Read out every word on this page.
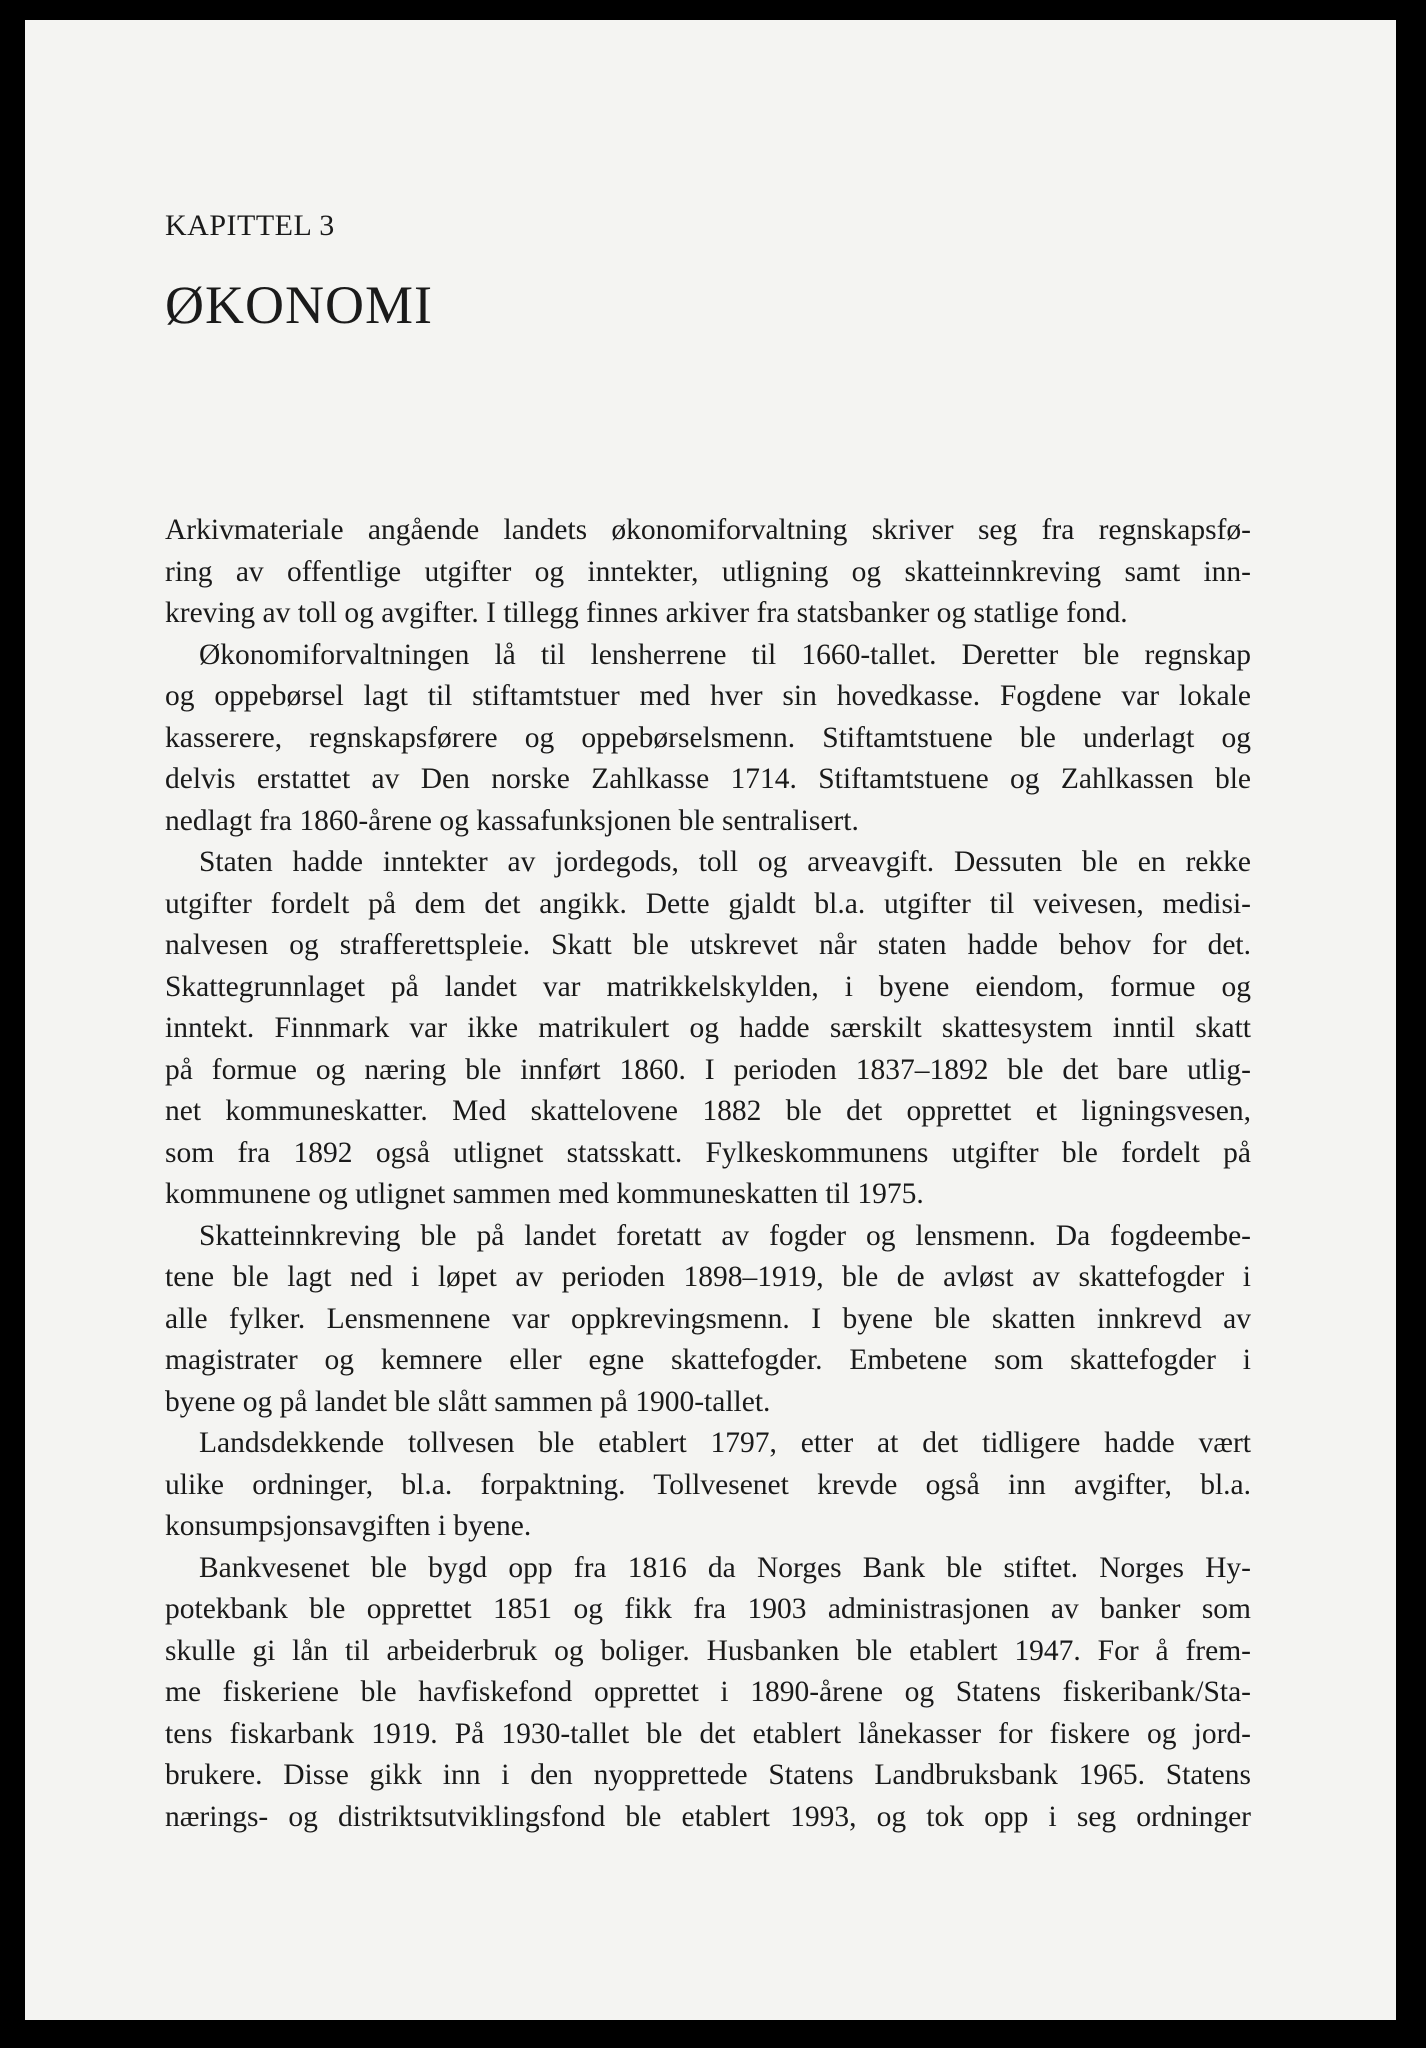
KAPITTEL 3
ØKONOMI
Arkivmateriale angående landets økonomiforvaltning skriver seg fra regnskapsfø-
ring av offentlige utgifter og inntekter, utligning og skatteinnkreving samt inn-
kreving av toll og avgifter. I tillegg finnes arkiver fra statsbanker og statlige fond.
Økonomiforvaltningen lå til lensherrene til 1660-tallet. Deretter ble regnskap
og oppebørsel lagt til stiftamtstuer med hver sin hovedkasse. Fogdene var lokale
kasserere, regnskapsførere og oppebørselsmenn. Stiftamtstuene ble underlagt og
delvis erstattet av Den norske Zahlkasse 1714. Stiftamtstuene og Zahlkassen ble
nedlagt fra 1860-årene og kassafunksjonen ble sentralisert.
Staten hadde inntekter av jordegods, toll og arveavgift. Dessuten ble en rekke
utgifter fordelt på dem det angikk. Dette gjaldt bl.a. utgifter til veivesen, medisi-
nalvesen og strafferettspleie. Skatt ble utskrevet når staten hadde behov for det.
Skattegrunnlaget på landet var matrikkelskylden, i byene eiendom, formue og
inntekt. Finnmark var ikke matrikulert og hadde særskilt skattesystem inntil skatt
på formue og næring ble innført 1860. I perioden 1837–1892 ble det bare utlig-
net kommuneskatter. Med skattelovene 1882 ble det opprettet et ligningsvesen,
som fra 1892 også utlignet statsskatt. Fylkeskommunens utgifter ble fordelt på
kommunene og utlignet sammen med kommuneskatten til 1975.
Skatteinnkreving ble på landet foretatt av fogder og lensmenn. Da fogdeembe-
tene ble lagt ned i løpet av perioden 1898–1919, ble de avløst av skattefogder i
alle fylker. Lensmennene var oppkrevingsmenn. I byene ble skatten innkrevd av
magistrater og kemnere eller egne skattefogder. Embetene som skattefogder i
byene og på landet ble slått sammen på 1900-tallet.
Landsdekkende tollvesen ble etablert 1797, etter at det tidligere hadde vært
ulike ordninger, bl.a. forpaktning. Tollvesenet krevde også inn avgifter, bl.a.
konsumpsjonsavgiften i byene.
Bankvesenet ble bygd opp fra 1816 da Norges Bank ble stiftet. Norges Hy-
potekbank ble opprettet 1851 og fikk fra 1903 administrasjonen av banker som
skulle gi lån til arbeiderbruk og boliger. Husbanken ble etablert 1947. For å frem-
me fiskeriene ble havfiskefond opprettet i 1890-årene og Statens fiskeribank/Sta-
tens fiskarbank 1919. På 1930-tallet ble det etablert lånekasser for fiskere og jord-
brukere. Disse gikk inn i den nyopprettede Statens Landbruksbank 1965. Statens
nærings- og distriktsutviklingsfond ble etablert 1993, og tok opp i seg ordninger
